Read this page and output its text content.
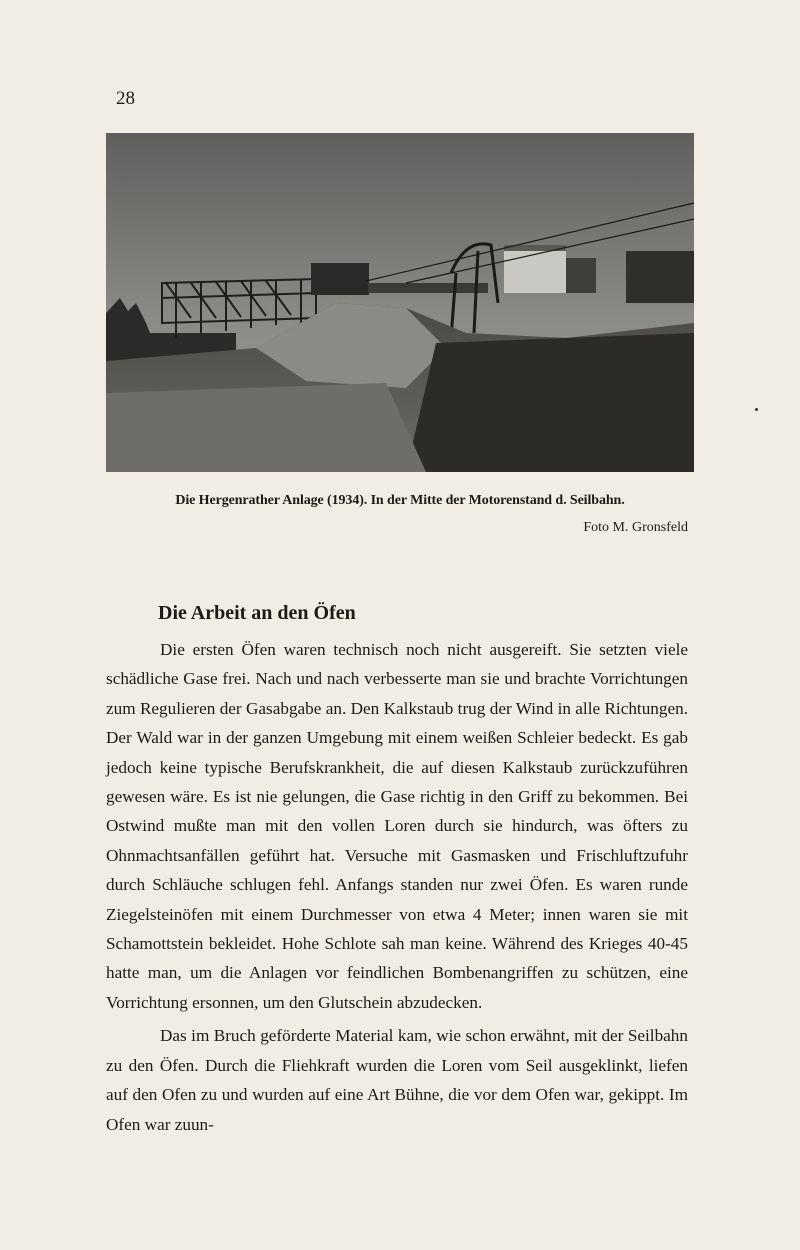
28
Die Hergenrather Anlage (1934). In der Mitte der Motorenstand d. Seilbahn.
Foto M. Gronsfeld
Die Arbeit an den Öfen

Die ersten Öfen waren technisch noch nicht ausgereift. Sie setzten viele schädliche Gase frei. Nach und nach verbesserte man sie und brachte Vorrichtungen zum Regulieren der Gasabgabe an. Den Kalkstaub trug der Wind in alle Richtungen. Der Wald war in der ganzen Umgebung mit einem weißen Schleier bedeckt. Es gab jedoch keine typische Berufskrankheit, die auf diesen Kalkstaub zurückzuführen gewesen wäre. Es ist nie gelungen, die Gase richtig in den Griff zu bekommen. Bei Ostwind mußte man mit den vollen Loren durch sie hindurch, was öfters zu Ohnmachtsanfällen geführt hat. Versuche mit Gasmasken und Frischluftzufuhr durch Schläuche schlugen fehl. Anfangs standen nur zwei Öfen. Es waren runde Ziegelsteinöfen mit einem Durchmesser von etwa 4 Meter; innen waren sie mit Schamottstein bekleidet. Hohe Schlote sah man keine. Während des Krieges 40-45 hatte man, um die Anlagen vor feindlichen Bombenangriffen zu schützen, eine Vorrichtung ersonnen, um den Glutschein abzudecken.

Das im Bruch geförderte Material kam, wie schon erwähnt, mit der Seilbahn zu den Öfen. Durch die Fliehkraft wurden die Loren vom Seil ausgeklinkt, liefen auf den Ofen zu und wurden auf eine Art Bühne, die vor dem Ofen war, gekippt. Im Ofen war zuun-
